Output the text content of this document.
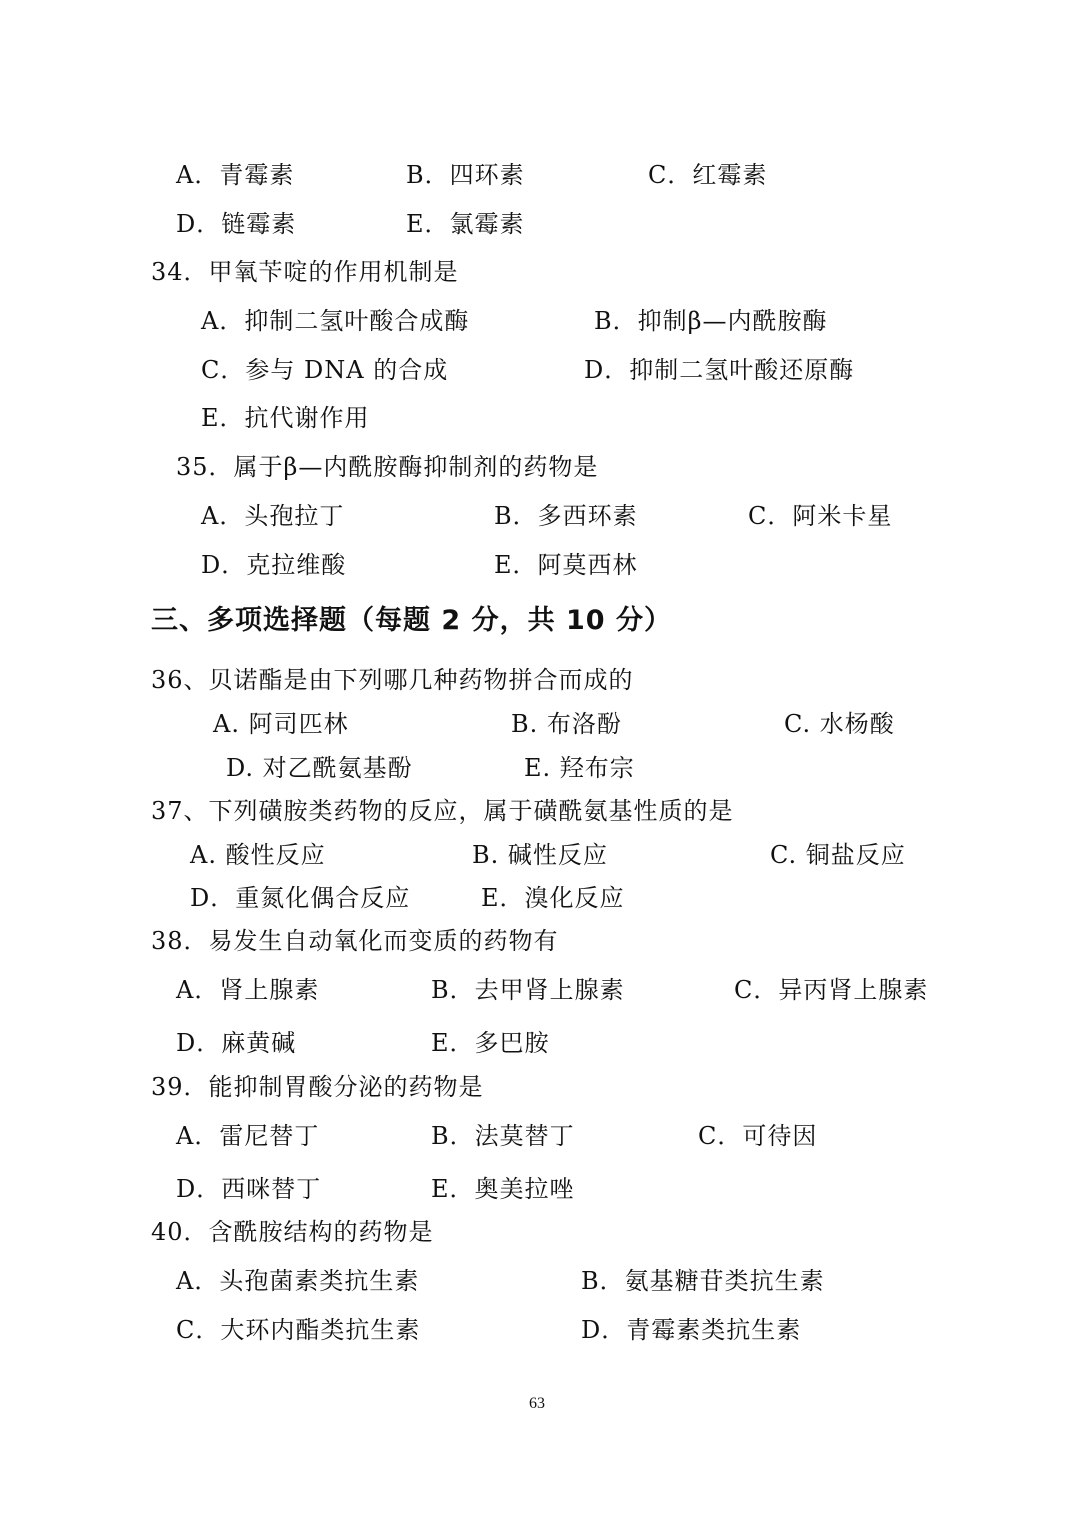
A．青霉素	B．四环素	C．红霉素
D．链霉素	E．氯霉素
34．甲氧苄啶的作用机制是
A．抑制二氢叶酸合成酶	B．抑制β—内酰胺酶
C．参与 DNA 的合成	D．抑制二氢叶酸还原酶
E．抗代谢作用
35．属于β—内酰胺酶抑制剂的药物是
A．头孢拉丁	B．多西环素	C．阿米卡星
D．克拉维酸	E．阿莫西林
三、多项选择题（每题 2 分，共 10 分）
36、贝诺酯是由下列哪几种药物拼合而成的
A. 阿司匹林	B. 布洛酚	C. 水杨酸
D. 对乙酰氨基酚	E. 羟布宗
37、下列磺胺类药物的反应，属于磺酰氨基性质的是
A. 酸性反应	B. 碱性反应	C. 铜盐反应
D．重氮化偶合反应	E．溴化反应
38．易发生自动氧化而变质的药物有
A．肾上腺素	B．去甲肾上腺素	C．异丙肾上腺素
D．麻黄碱	E．多巴胺
39．能抑制胃酸分泌的药物是
A．雷尼替丁	B．法莫替丁	C．可待因
D．西咪替丁	E．奥美拉唑
40．含酰胺结构的药物是
A．头孢菌素类抗生素	B．氨基糖苷类抗生素
C．大环内酯类抗生素	D．青霉素类抗生素
63
